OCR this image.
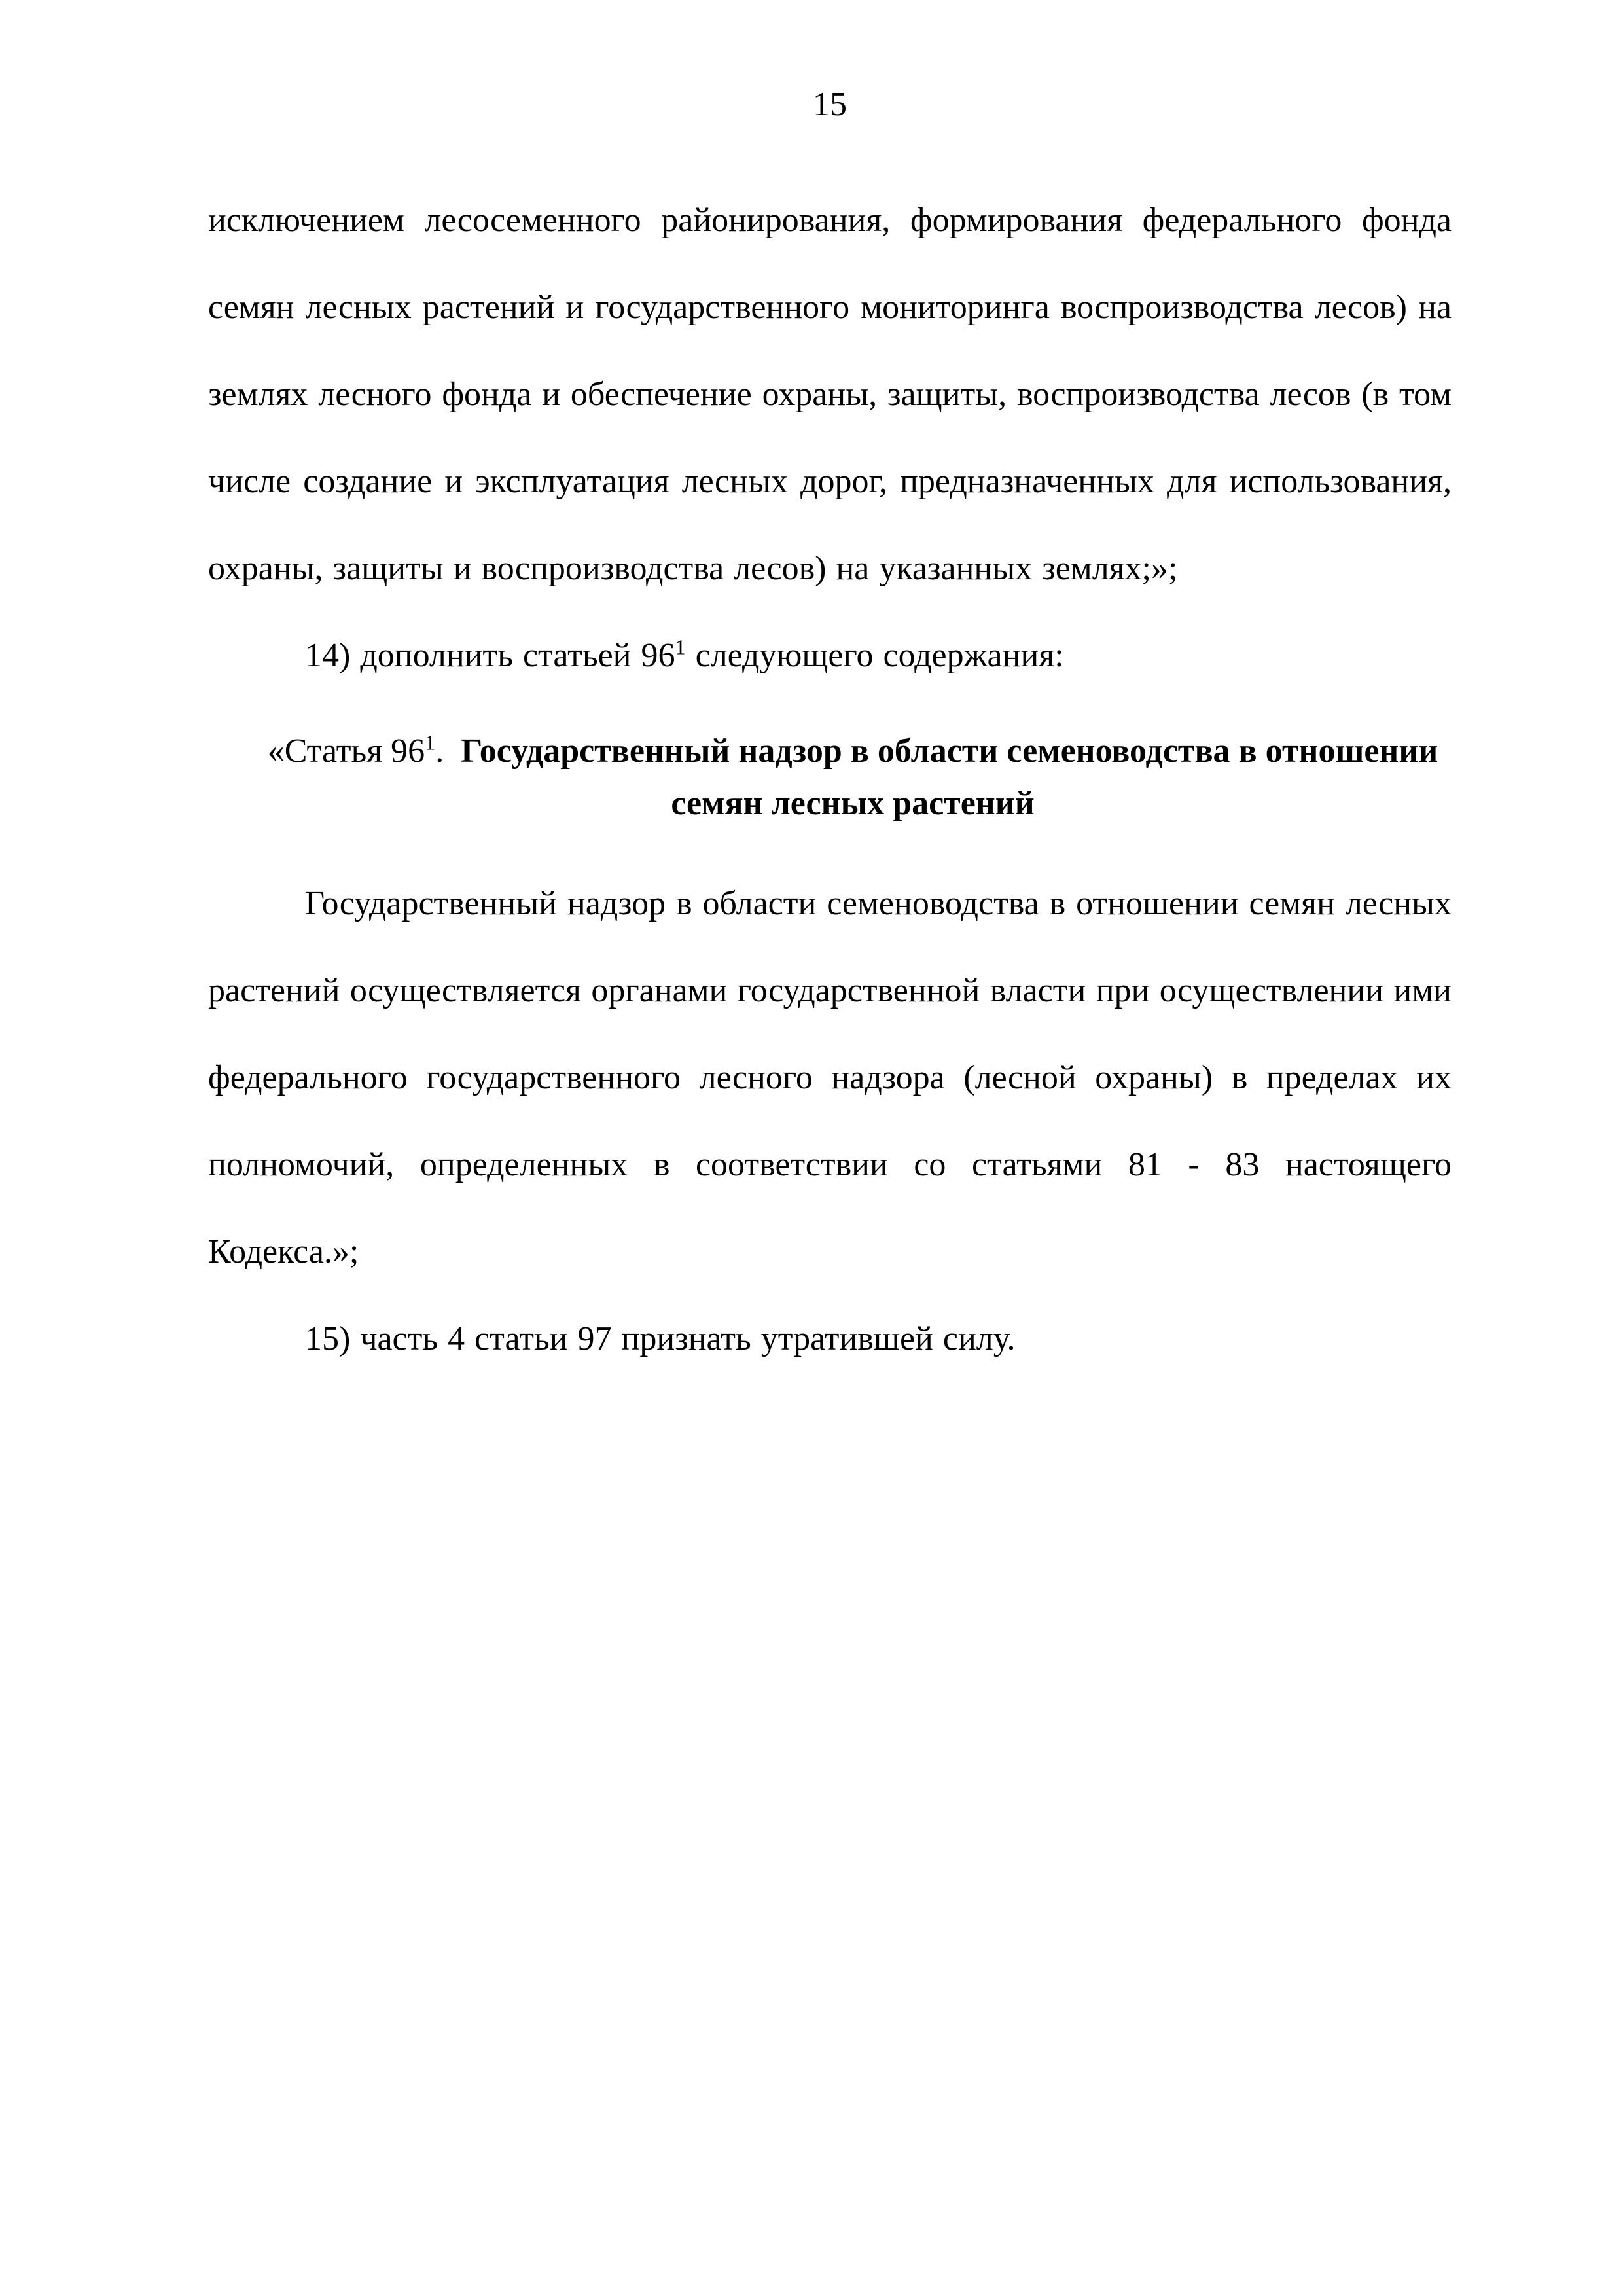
15

исключением лесосеменного районирования, формирования федерального фонда семян лесных растений и государственного мониторинга воспроизводства лесов) на землях лесного фонда и обеспечение охраны, защиты, воспроизводства лесов (в том числе создание и эксплуатация лесных дорог, предназначенных для использования, охраны, защиты и воспроизводства лесов) на указанных землях;»;

14) дополнить статьей $96^1$ следующего содержания:

«Статья $96^1$.  Государственный надзор в области семеноводства в отношении семян лесных растений

Государственный надзор в области семеноводства в отношении семян лесных растений осуществляется органами государственной власти при осуществлении ими федерального государственного лесного надзора (лесной охраны) в пределах их полномочий, определенных в соответствии со статьями 81 - 83 настоящего Кодекса.»;

15) часть 4 статьи 97 признать утратившей силу.
